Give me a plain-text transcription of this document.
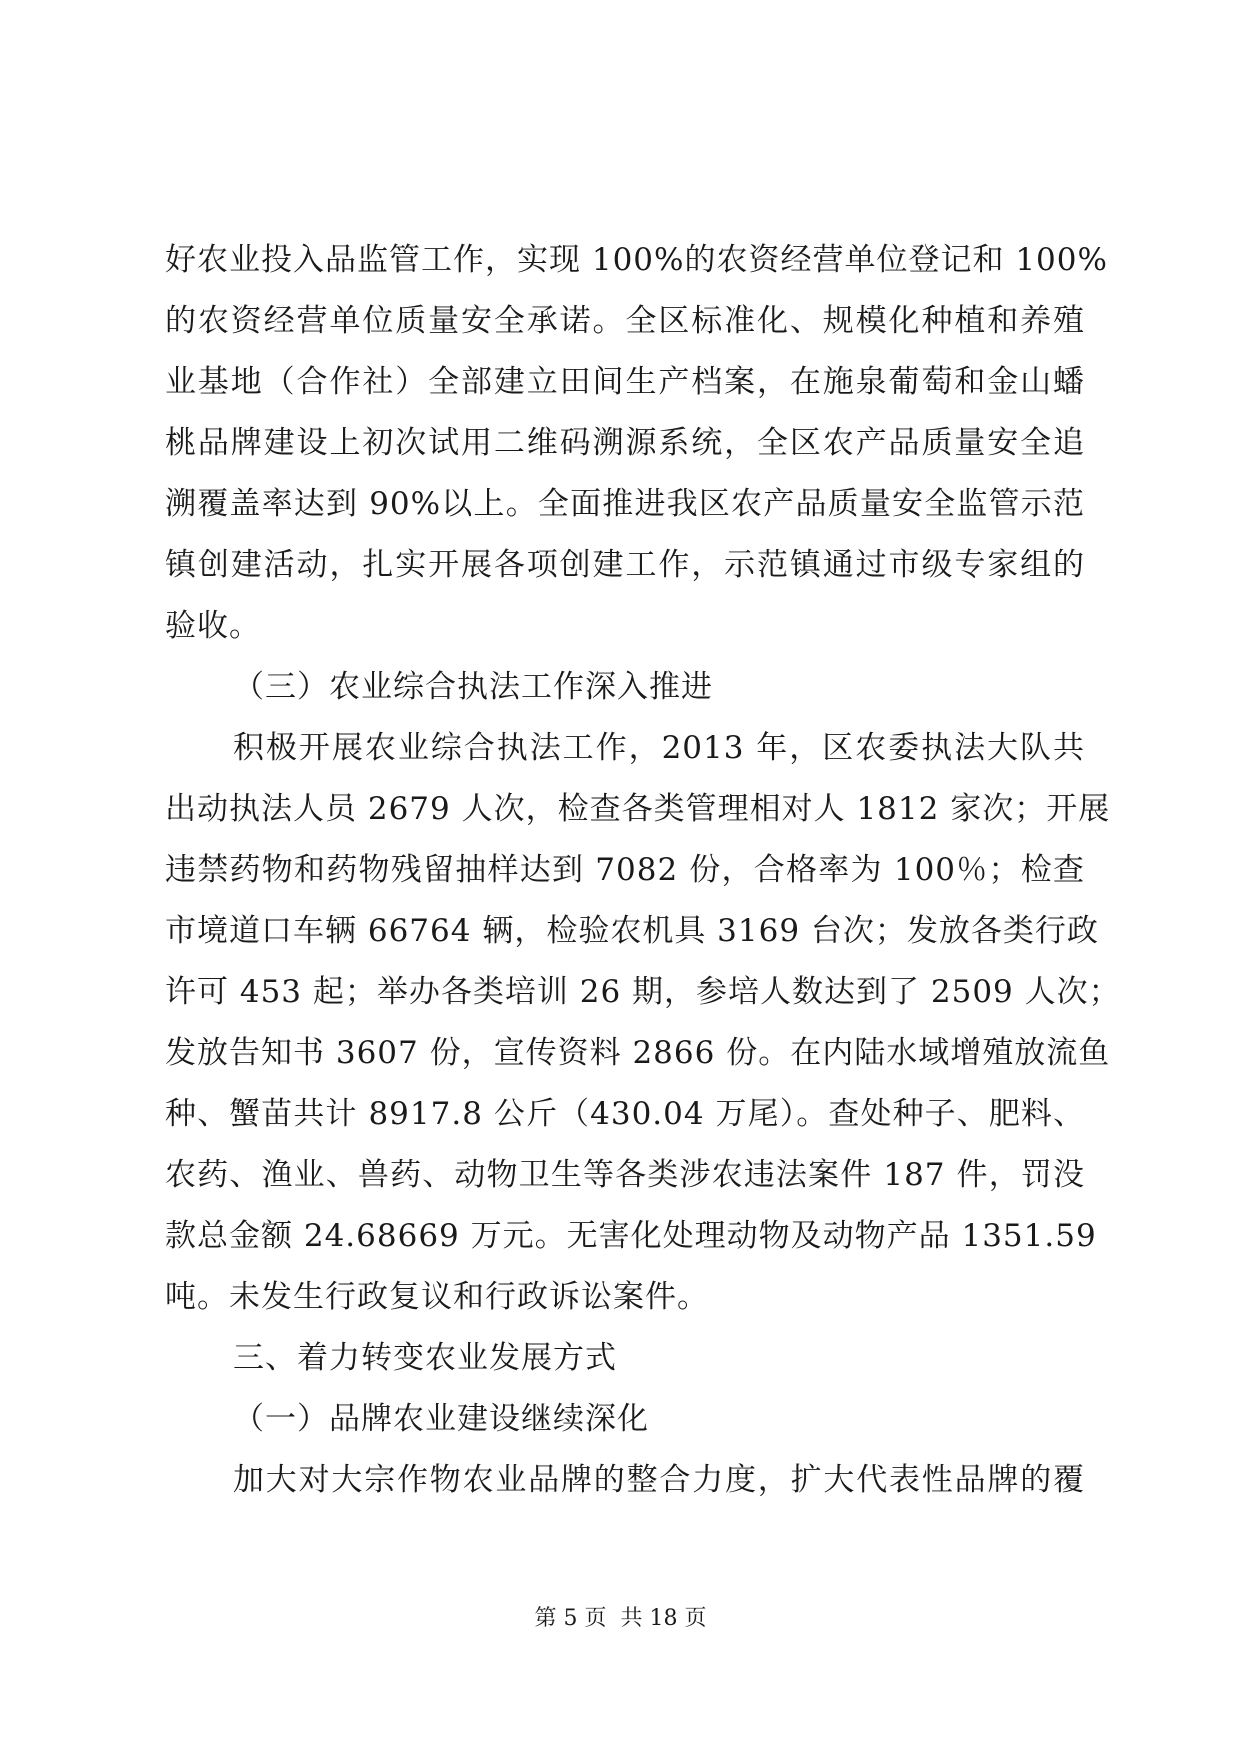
好农业投入品监管工作，实现 100%的农资经营单位登记和 100%
的农资经营单位质量安全承诺。全区标准化、规模化种植和养殖
业基地（合作社）全部建立田间生产档案，在施泉葡萄和金山蟠
桃品牌建设上初次试用二维码溯源系统，全区农产品质量安全追
溯覆盖率达到 90%以上。全面推进我区农产品质量安全监管示范
镇创建活动，扎实开展各项创建工作，示范镇通过市级专家组的
验收。
（三）农业综合执法工作深入推进
积极开展农业综合执法工作，2013 年，区农委执法大队共
出动执法人员 2679 人次，检查各类管理相对人 1812 家次；开展
违禁药物和药物残留抽样达到 7082 份，合格率为 100％；检查
市境道口车辆 66764 辆，检验农机具 3169 台次；发放各类行政
许可 453 起；举办各类培训 26 期，参培人数达到了 2509 人次；
发放告知书 3607 份，宣传资料 2866 份。在内陆水域增殖放流鱼
种、蟹苗共计 8917.8 公斤（430.04 万尾）。查处种子、肥料、
农药、渔业、兽药、动物卫生等各类涉农违法案件 187 件，罚没
款总金额 24.68669 万元。无害化处理动物及动物产品 1351.59
吨。未发生行政复议和行政诉讼案件。
三、着力转变农业发展方式
（一）品牌农业建设继续深化
加大对大宗作物农业品牌的整合力度，扩大代表性品牌的覆
第 5 页  共 18 页
